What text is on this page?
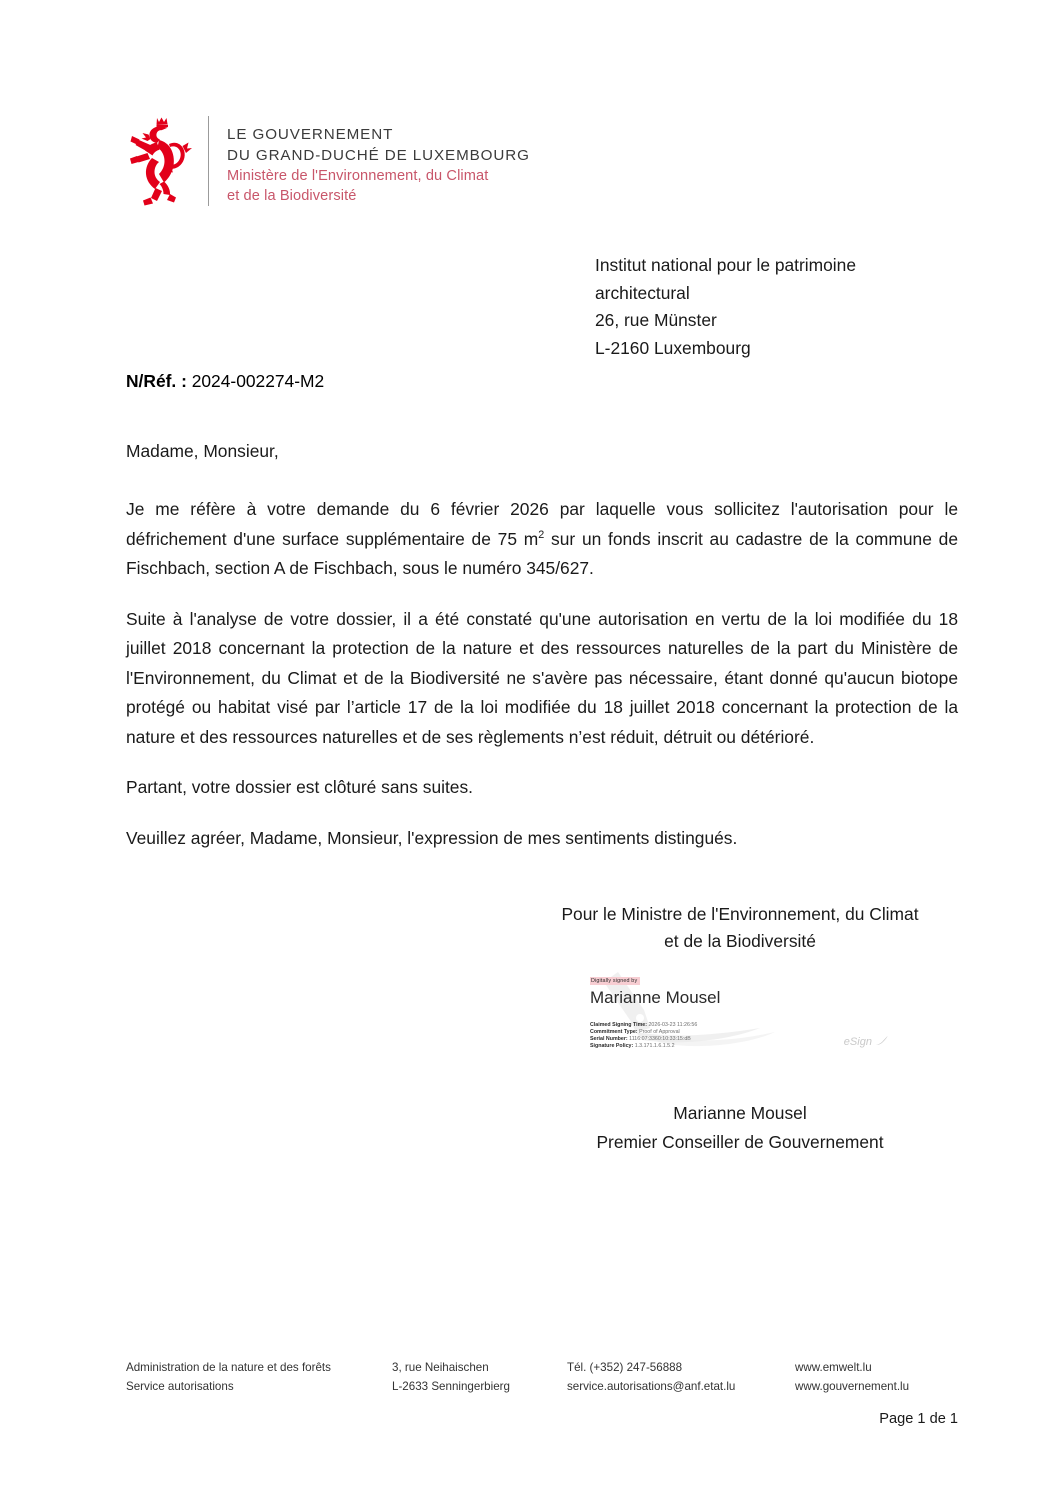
LE GOUVERNEMENT
DU GRAND-DUCHÉ DE LUXEMBOURG
Ministère de l'Environnement, du Climat
et de la Biodiversité
Institut national pour le patrimoine
architectural
26, rue Münster
L-2160 Luxembourg
N/Réf. : 2024-002274-M2
Madame, Monsieur,

Je me réfère à votre demande du 6 février 2026 par laquelle vous sollicitez l'autorisation pour le défrichement d'une surface supplémentaire de 75 $m^2$ sur un fonds inscrit au cadastre de la commune de Fischbach, section A de Fischbach, sous le numéro 345/627.

Suite à l'analyse de votre dossier, il a été constaté qu'une autorisation en vertu de la loi modifiée du 18 juillet 2018 concernant la protection de la nature et des ressources naturelles de la part du Ministère de l'Environnement, du Climat et de la Biodiversité ne s'avère pas nécessaire, étant donné qu'aucun biotope protégé ou habitat visé par l’article 17 de la loi modifiée du 18 juillet 2018 concernant la protection de la nature et des ressources naturelles et de ses règlements n’est réduit, détruit ou détérioré.

Partant, votre dossier est clôturé sans suites.

Veuillez agréer, Madame, Monsieur, l'expression de mes sentiments distingués.

Pour le Ministre de l'Environnement, du Climat
et de la Biodiversité
Digitally signed by
Marianne Mousel
Claimed Signing Time: 2026-03-23 11:26:56
Commitment Type: Proof of Approval
Serial Number: 1116:07:3360:10:33:15:dB
Signature Policy: 1.3.171.1.6.1.5.2	eSign
Marianne Mousel
Premier Conseiller de Gouvernement
Administration de la nature et des forêts
Service autorisations
3, rue Neihaischen
L-2633 Senningerbierg
Tél. (+352) 247-56888
service.autorisations@anf.etat.lu
www.emwelt.lu
www.gouvernement.lu
Page 1 de 1
